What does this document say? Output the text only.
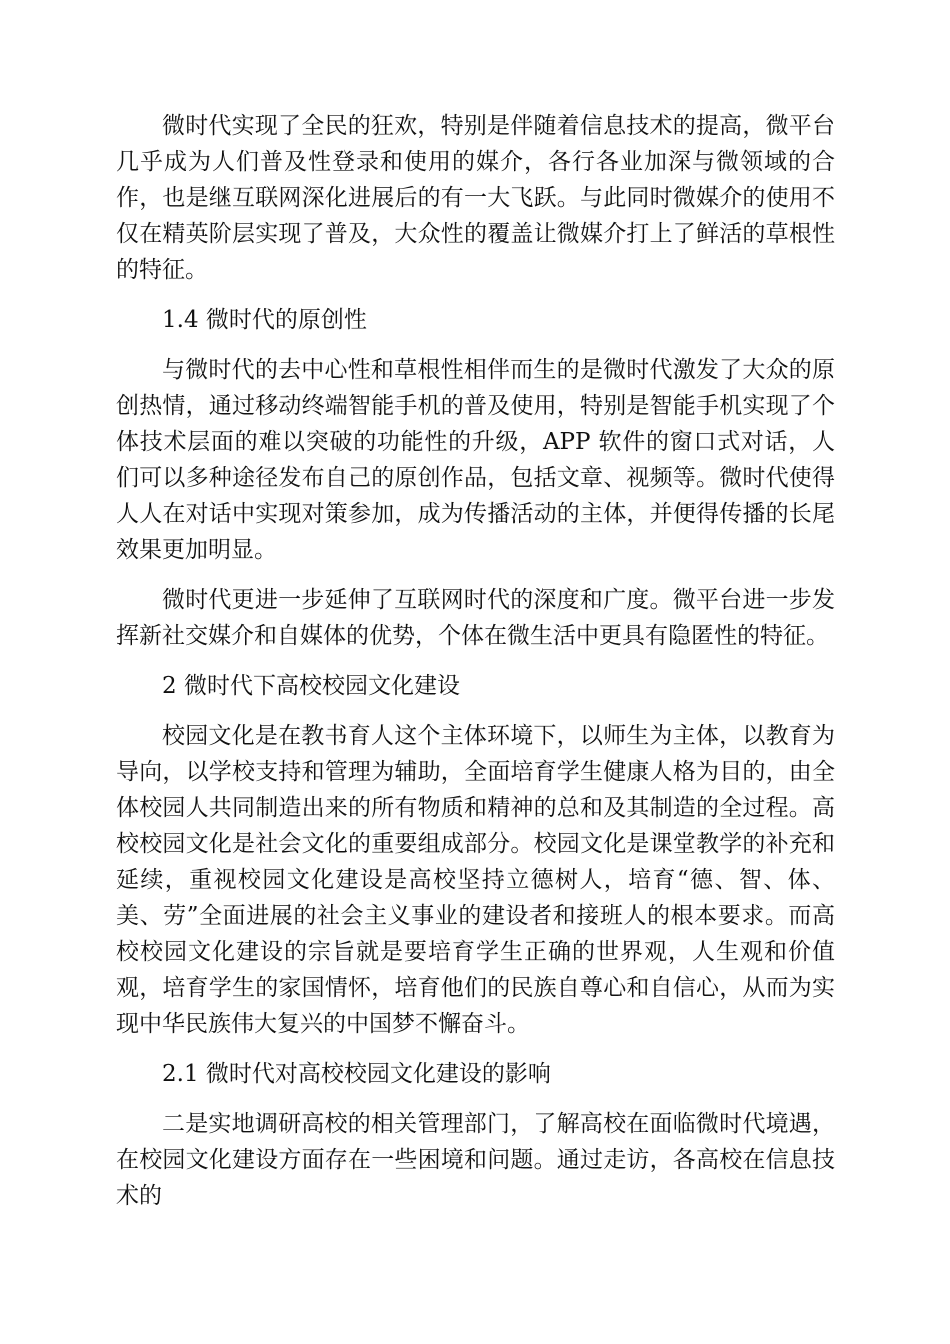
微时代实现了全民的狂欢，特别是伴随着信息技术的提高，微平台几乎成为人们普及性登录和使用的媒介，各行各业加深与微领域的合作，也是继互联网深化进展后的有一大飞跃。与此同时微媒介的使用不仅在精英阶层实现了普及，大众性的覆盖让微媒介打上了鲜活的草根性的特征。

1.4 微时代的原创性

与微时代的去中心性和草根性相伴而生的是微时代激发了大众的原创热情，通过移动终端智能手机的普及使用，特别是智能手机实现了个体技术层面的难以突破的功能性的升级，APP 软件的窗口式对话，人们可以多种途径发布自己的原创作品，包括文章、视频等。微时代使得人人在对话中实现对策参加，成为传播活动的主体，并便得传播的长尾效果更加明显。

微时代更进一步延伸了互联网时代的深度和广度。微平台进一步发挥新社交媒介和自媒体的优势，个体在微生活中更具有隐匿性的特征。

2 微时代下高校校园文化建设

校园文化是在教书育人这个主体环境下，以师生为主体，以教育为导向，以学校支持和管理为辅助，全面培育学生健康人格为目的，由全体校园人共同制造出来的所有物质和精神的总和及其制造的全过程。高校校园文化是社会文化的重要组成部分。校园文化是课堂教学的补充和延续，重视校园文化建设是高校坚持立德树人，培育“德、智、体、美、劳”全面进展的社会主义事业的建设者和接班人的根本要求。而高校校园文化建设的宗旨就是要培育学生正确的世界观，人生观和价值观，培育学生的家国情怀，培育他们的民族自尊心和自信心，从而为实现中华民族伟大复兴的中国梦不懈奋斗。

2.1 微时代对高校校园文化建设的影响

二是实地调研高校的相关管理部门，了解高校在面临微时代境遇，在校园文化建设方面存在一些困境和问题。通过走访，各高校在信息技术的
